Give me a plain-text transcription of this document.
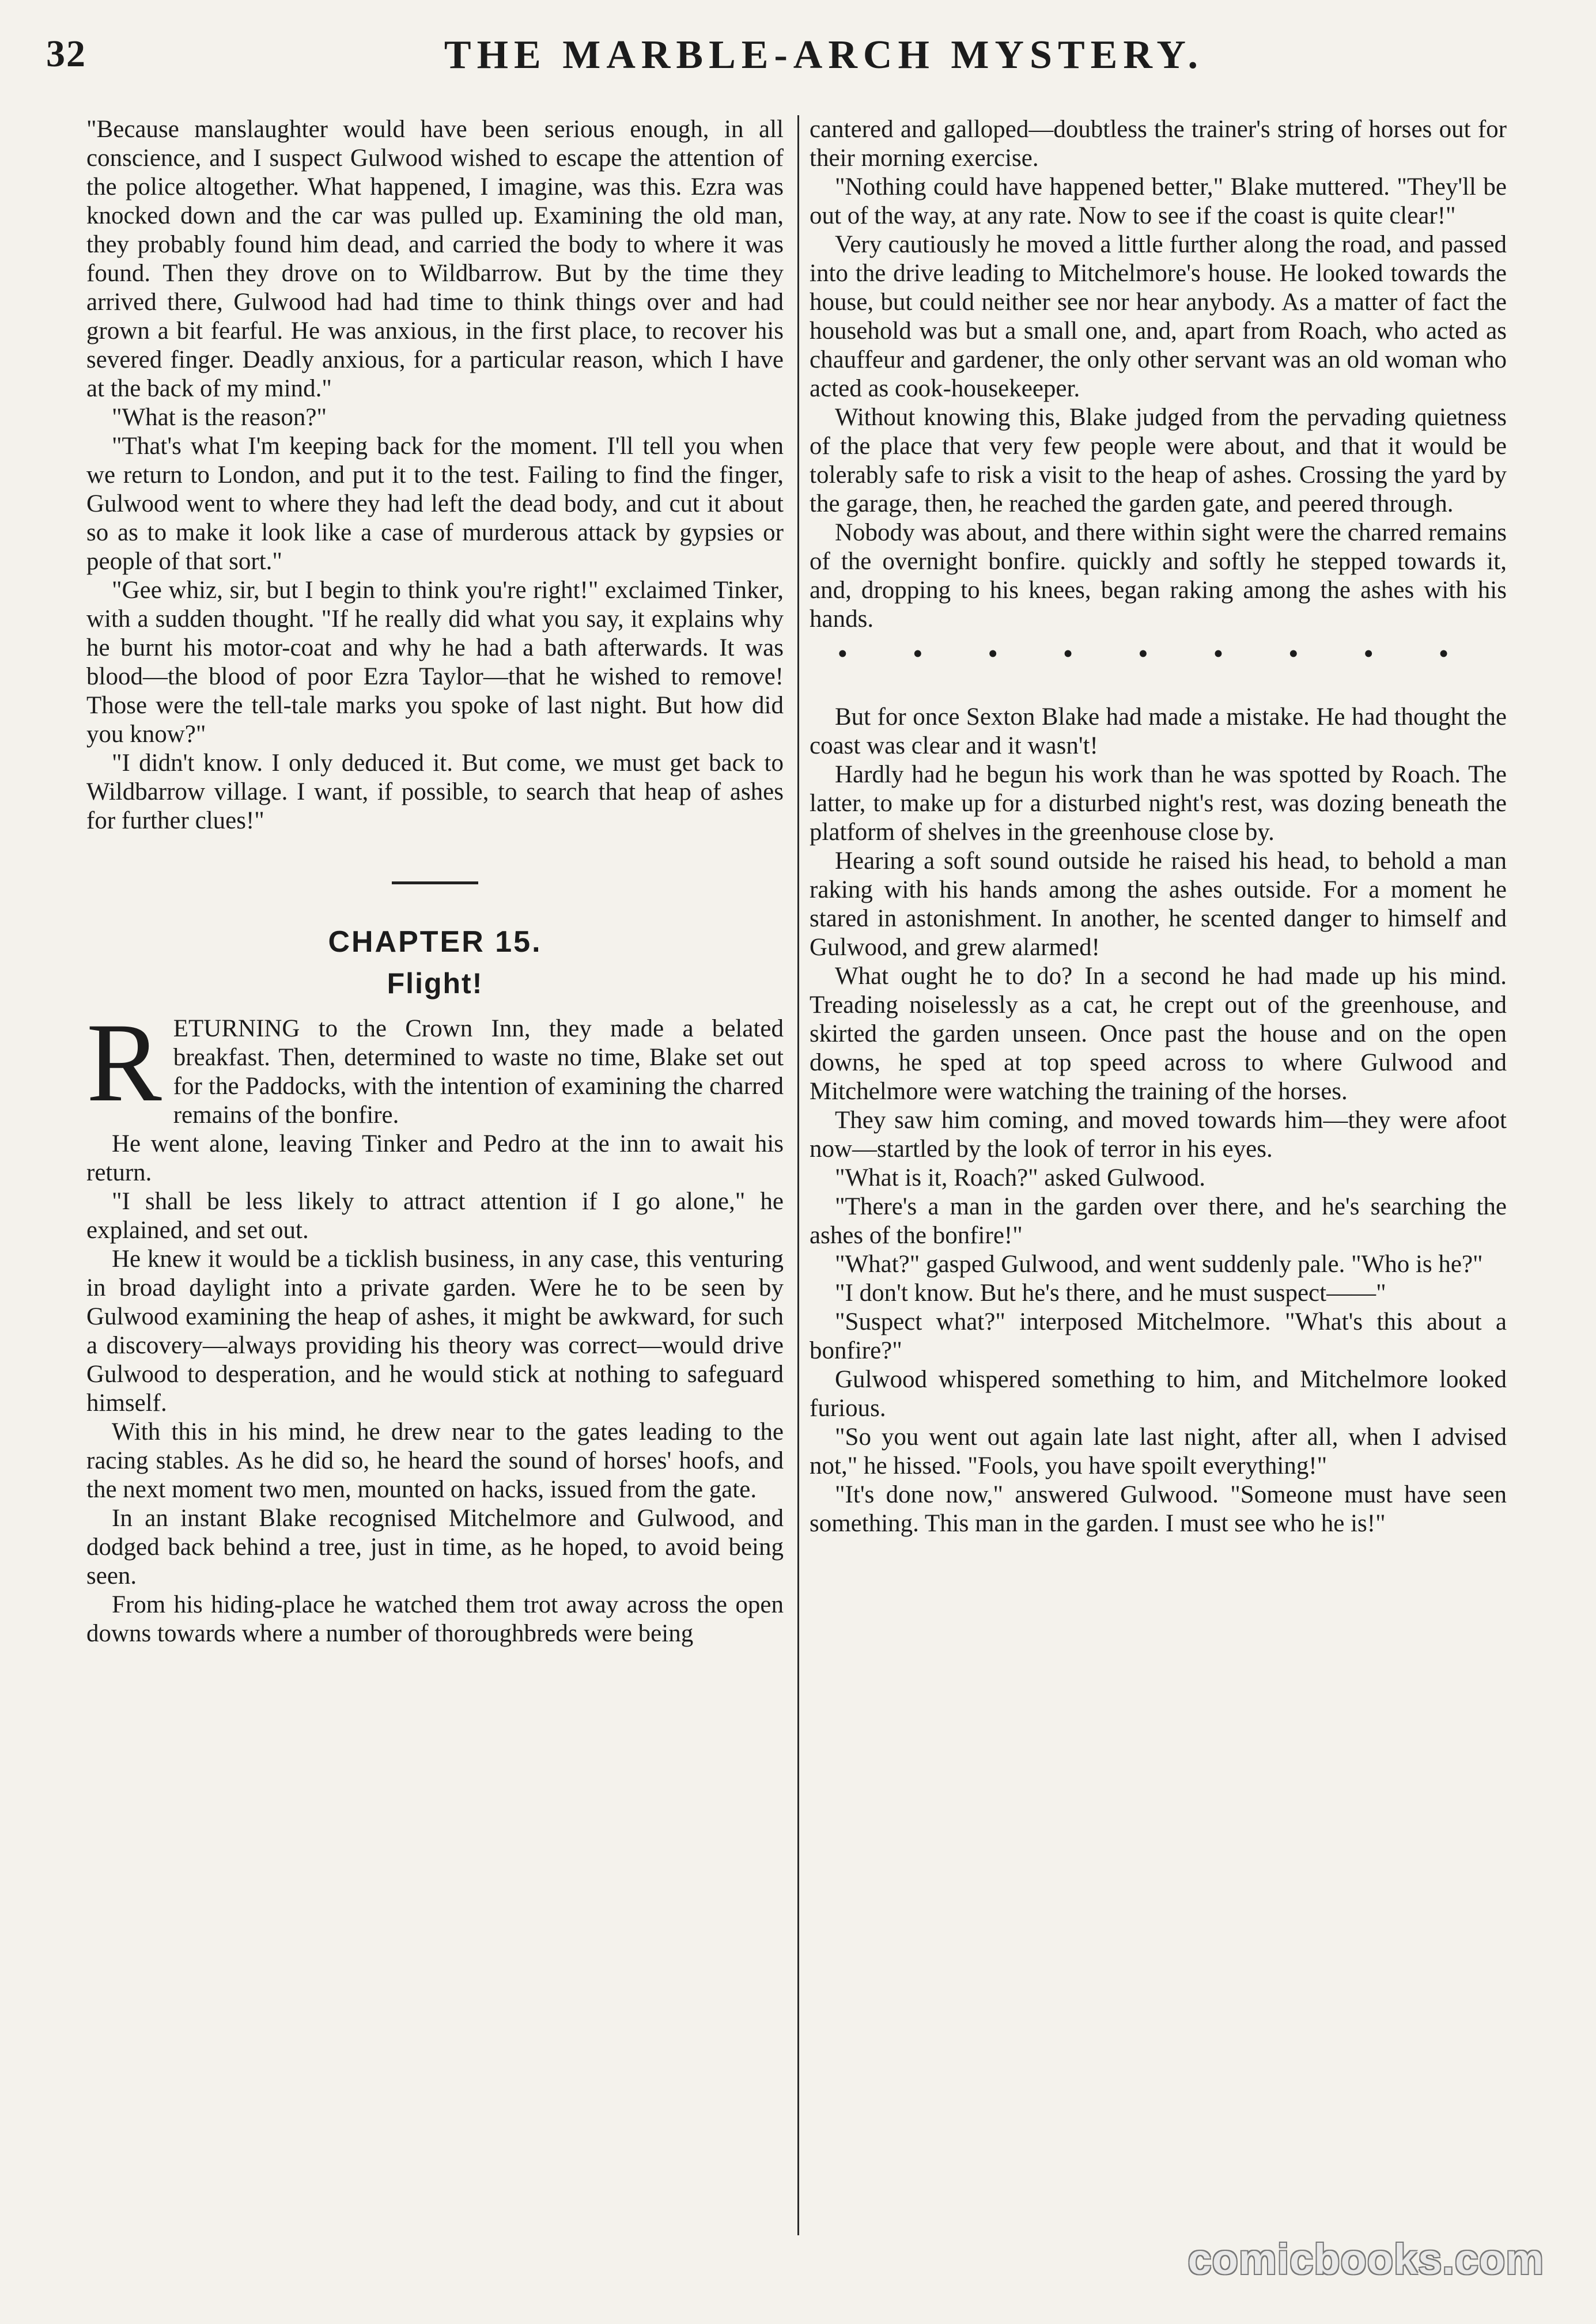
32	THE MARBLE-ARCH MYSTERY.

"Because manslaughter would have been serious enough, in all conscience, and I suspect Gulwood wished to escape the attention of the police altogether. What happened, I imagine, was this. Ezra was knocked down and the car was pulled up. Examining the old man, they probably found him dead, and carried the body to where it was found. Then they drove on to Wildbarrow. But by the time they arrived there, Gulwood had had time to think things over and had grown a bit fearful. He was anxious, in the first place, to recover his severed finger. Deadly anxious, for a particular reason, which I have at the back of my mind."

"What is the reason?"

"That's what I'm keeping back for the moment. I'll tell you when we return to London, and put it to the test. Failing to find the finger, Gulwood went to where they had left the dead body, and cut it about so as to make it look like a case of murderous attack by gypsies or people of that sort."

"Gee whiz, sir, but I begin to think you're right!" exclaimed Tinker, with a sudden thought. "If he really did what you say, it explains why he burnt his motor-coat and why he had a bath afterwards. It was blood—the blood of poor Ezra Taylor—that he wished to remove! Those were the tell-tale marks you spoke of last night. But how did you know?"

"I didn't know. I only deduced it. But come, we must get back to Wildbarrow village. I want, if possible, to search that heap of ashes for further clues!"

CHAPTER 15.
Flight!

RETURNING to the Crown Inn, they made a belated breakfast. Then, determined to waste no time, Blake set out for the Paddocks, with the intention of examining the charred remains of the bonfire.

He went alone, leaving Tinker and Pedro at the inn to await his return.

"I shall be less likely to attract attention if I go alone," he explained, and set out.

He knew it would be a ticklish business, in any case, this venturing in broad daylight into a private garden. Were he to be seen by Gulwood examining the heap of ashes, it might be awkward, for such a discovery—always providing his theory was correct—would drive Gulwood to desperation, and he would stick at nothing to safeguard himself.

With this in his mind, he drew near to the gates leading to the racing stables. As he did so, he heard the sound of horses' hoofs, and the next moment two men, mounted on hacks, issued from the gate.

In an instant Blake recognised Mitchelmore and Gulwood, and dodged back behind a tree, just in time, as he hoped, to avoid being seen.

From his hiding-place he watched them trot away across the open downs towards where a number of thoroughbreds were being

cantered and galloped—doubtless the trainer's string of horses out for their morning exercise.

"Nothing could have happened better," Blake muttered. "They'll be out of the way, at any rate. Now to see if the coast is quite clear!"

Very cautiously he moved a little further along the road, and passed into the drive leading to Mitchelmore's house. He looked towards the house, but could neither see nor hear anybody. As a matter of fact the household was but a small one, and, apart from Roach, who acted as chauffeur and gardener, the only other servant was an old woman who acted as cook-housekeeper.

Without knowing this, Blake judged from the pervading quietness of the place that very few people were about, and that it would be tolerably safe to risk a visit to the heap of ashes. Crossing the yard by the garage, then, he reached the garden gate, and peered through.

Nobody was about, and there within sight were the charred remains of the overnight bonfire. quickly and softly he stepped towards it, and, dropping to his knees, began raking among the ashes with his hands.

• • • • • • • • •

But for once Sexton Blake had made a mistake. He had thought the coast was clear and it wasn't!

Hardly had he begun his work than he was spotted by Roach. The latter, to make up for a disturbed night's rest, was dozing beneath the platform of shelves in the greenhouse close by.

Hearing a soft sound outside he raised his head, to behold a man raking with his hands among the ashes outside. For a moment he stared in astonishment. In another, he scented danger to himself and Gulwood, and grew alarmed!

What ought he to do? In a second he had made up his mind. Treading noiselessly as a cat, he crept out of the greenhouse, and skirted the garden unseen. Once past the house and on the open downs, he sped at top speed across to where Gulwood and Mitchelmore were watching the training of the horses.

They saw him coming, and moved towards him—they were afoot now—startled by the look of terror in his eyes.

"What is it, Roach?" asked Gulwood.

"There's a man in the garden over there, and he's searching the ashes of the bonfire!"

"What?" gasped Gulwood, and went suddenly pale. "Who is he?"

"I don't know. But he's there, and he must suspect——"

"Suspect what?" interposed Mitchelmore. "What's this about a bonfire?"

Gulwood whispered something to him, and Mitchelmore looked furious.

"So you went out again late last night, after all, when I advised not," he hissed. "Fools, you have spoilt everything!"

"It's done now," answered Gulwood. "Someone must have seen something. This man in the garden. I must see who he is!"

comicbooks.com
